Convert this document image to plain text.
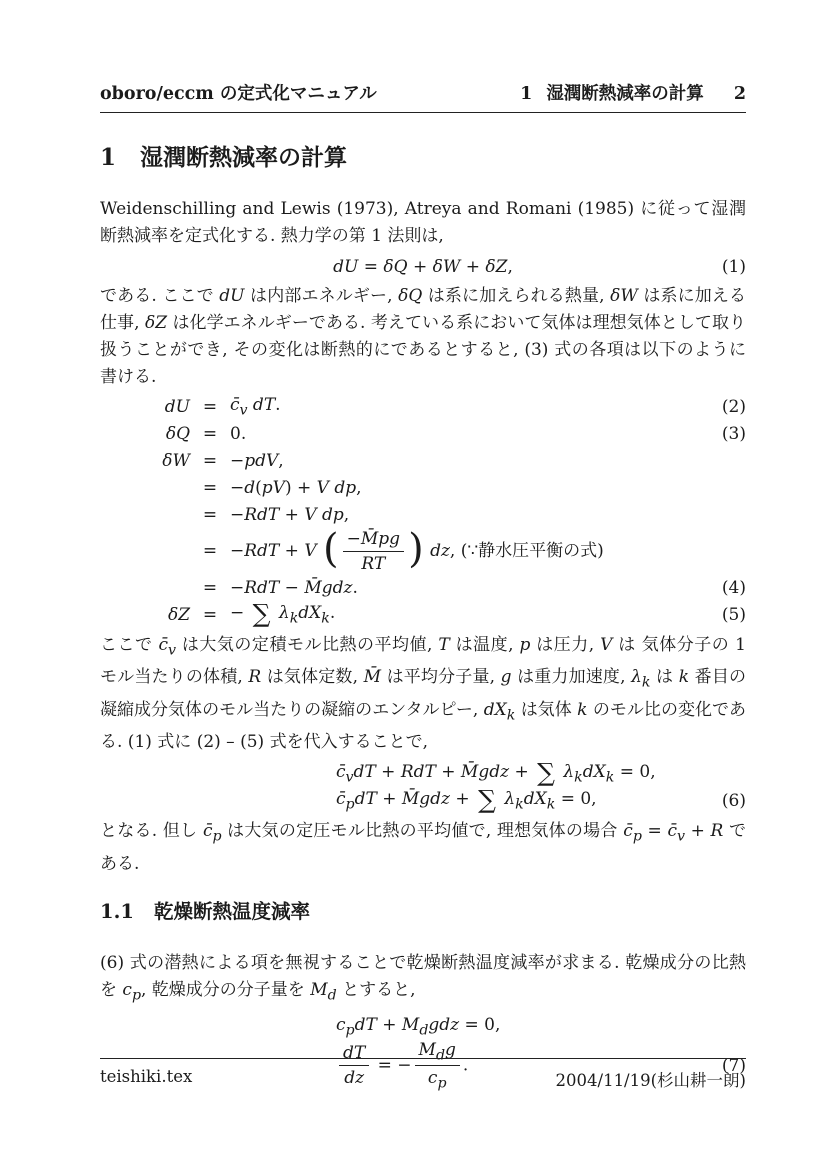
oboro/eccm の定式化マニュアル	1 湿潤断熱減率の計算 2
1 湿潤断熱減率の計算

Weidenschilling and Lewis (1973), Atreya and Romani (1985) に従って湿潤断熱減率を定式化する. 熱力学の第 1 法則は,

dU = δQ + δW + δZ,	(1)

である. ここで dU は内部エネルギー, δQ は系に加えられる熱量, δW は系に加える仕事, δZ は化学エネルギーである. 考えている系において気体は理想気体として取り扱うことができ, その変化は断熱的にであるとすると, (3) 式の各項は以下のように書ける.

dU = $c̄_v$ dT.	(2)
δQ = 0.	(3)
δW = −pdV,
= −d(pV) + V dp,
= −RdT + V dp,
= −RdT + V ( $\frac{-M̄pg}{RT}$ ) dz, (∵静水圧平衡の式)
= −RdT − M̄gdz.	(4)
δZ = − ∑ $\lambda_kdX_k$.	(5)

ここで $c̄_v$ は大気の定積モル比熱の平均値, T は温度, p は圧力, V は 気体分子の 1 モル当たりの体積, R は気体定数, M̄ は平均分子量, g は重力加速度, $\lambda_k$ は k 番目の凝縮成分気体のモル当たりの凝縮のエンタルピー, $dX_k$ は気体 k のモル比の変化である. (1) 式に (2) – (5) 式を代入することで,

$c̄_vdT$ + RdT + M̄gdz + ∑ $\lambda_kdX_k = 0$,
$c̄_pdT$ + M̄gdz + ∑ $\lambda_kdX_k = 0$,	(6)

となる. 但し $c̄_p$ は大気の定圧モル比熱の平均値で, 理想気体の場合 $c̄_p$ = $c̄_v + R$ である.

1.1 乾燥断熱温度減率

(6) 式の潜熱による項を無視することで乾燥断熱温度減率が求まる. 乾燥成分の比熱を $c_p$, 乾燥成分の分子量を $M_d$ とすると,

$c_pdT + M_dgdz = 0$,
$\frac{dT}{dz}$ = − $\frac{M_dg}{c_p}$ .	(7)
teishiki.tex	2004/11/19(杉山耕一朗)
